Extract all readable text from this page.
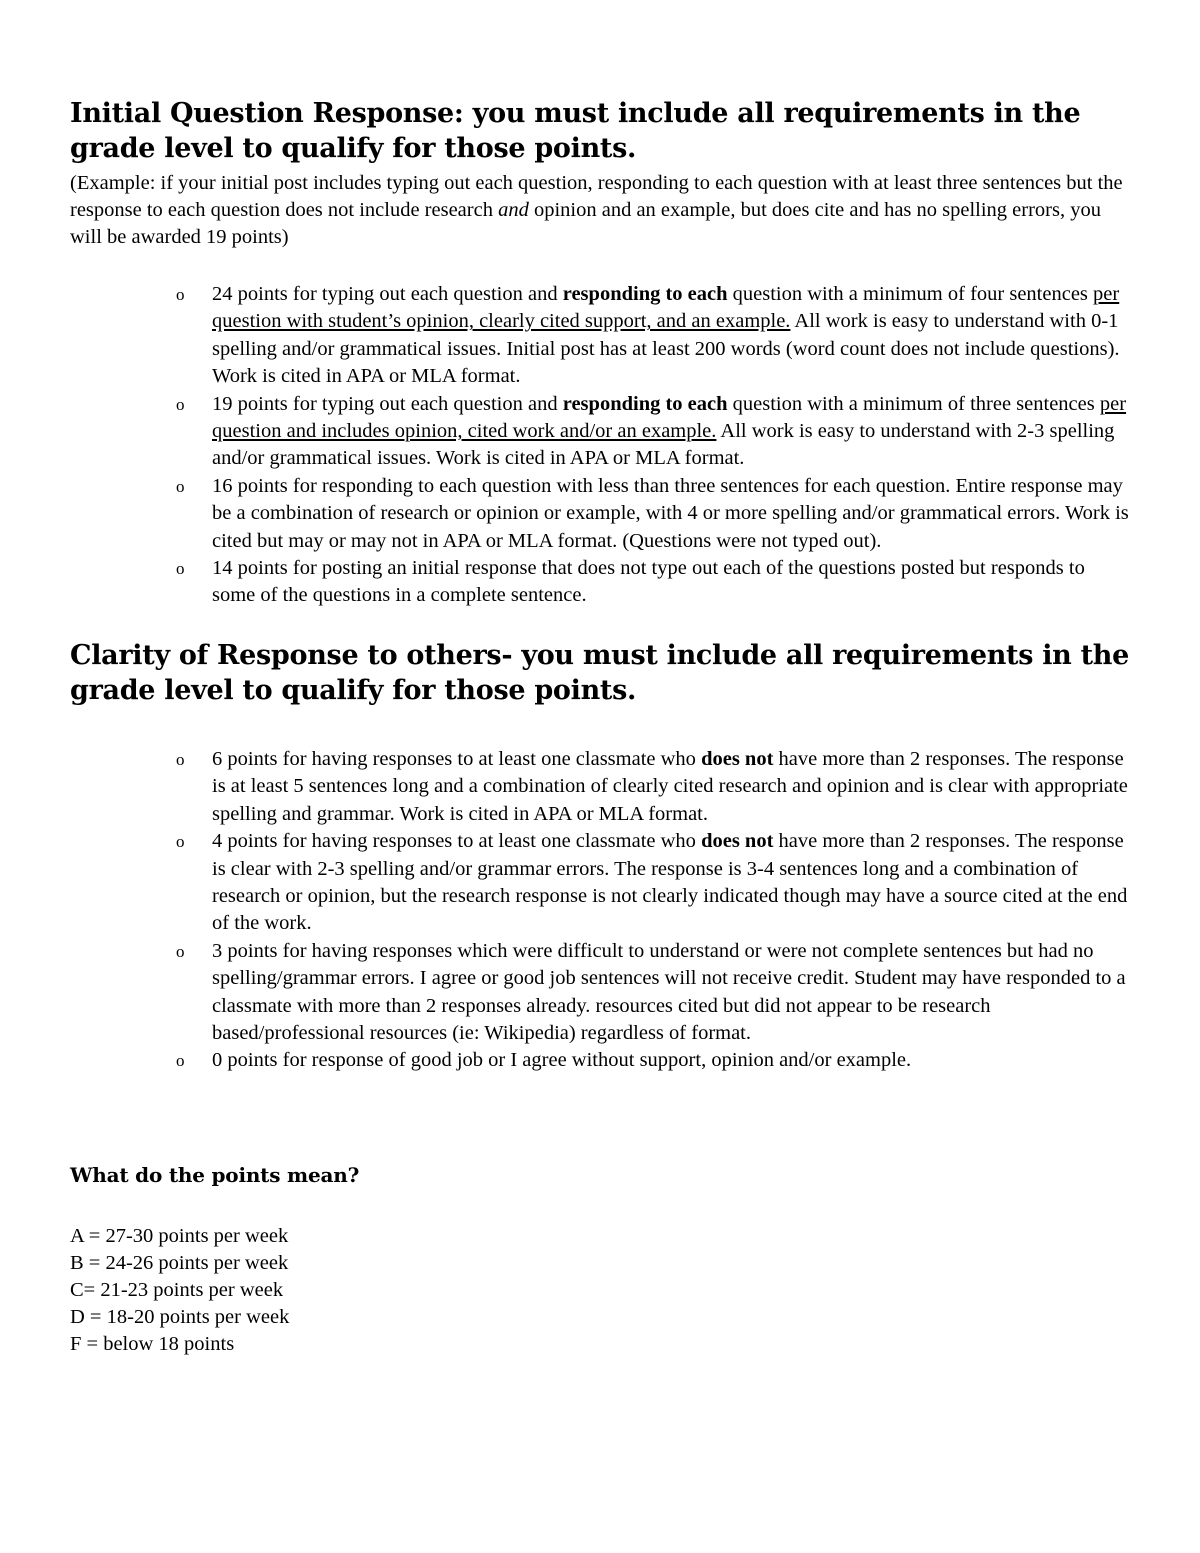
Initial Question Response: you must include all requirements in the grade level to qualify for those points.

(Example: if your initial post includes typing out each question, responding to each question with at least three sentences but the response to each question does not include research and opinion and an example, but does cite and has no spelling errors, you will be awarded 19 points)

o 24 points for typing out each question and responding to each question with a minimum of four sentences per question with student’s opinion, clearly cited support, and an example. All work is easy to understand with 0-1 spelling and/or grammatical issues. Initial post has at least 200 words (word count does not include questions). Work is cited in APA or MLA format.
o 19 points for typing out each question and responding to each question with a minimum of three sentences per question and includes opinion, cited work and/or an example. All work is easy to understand with 2-3 spelling and/or grammatical issues. Work is cited in APA or MLA format.
o 16 points for responding to each question with less than three sentences for each question. Entire response may be a combination of research or opinion or example, with 4 or more spelling and/or grammatical errors. Work is cited but may or may not in APA or MLA format. (Questions were not typed out).
o 14 points for posting an initial response that does not type out each of the questions posted but responds to some of the questions in a complete sentence.
Clarity of Response to others- you must include all requirements in the grade level to qualify for those points.
o 6 points for having responses to at least one classmate who does not have more than 2 responses. The response is at least 5 sentences long and a combination of clearly cited research and opinion and is clear with appropriate spelling and grammar. Work is cited in APA or MLA format.
o 4 points for having responses to at least one classmate who does not have more than 2 responses. The response is clear with 2-3 spelling and/or grammar errors. The response is 3-4 sentences long and a combination of research or opinion, but the research response is not clearly indicated though may have a source cited at the end of the work.
o 3 points for having responses which were difficult to understand or were not complete sentences but had no spelling/grammar errors. I agree or good job sentences will not receive credit. Student may have responded to a classmate with more than 2 responses already. resources cited but did not appear to be research based/professional resources (ie: Wikipedia) regardless of format.
o 0 points for response of good job or I agree without support, opinion and/or example.
What do the points mean?
A = 27-30 points per week
B = 24-26 points per week
C= 21-23 points per week
D = 18-20 points per week
F = below 18 points
